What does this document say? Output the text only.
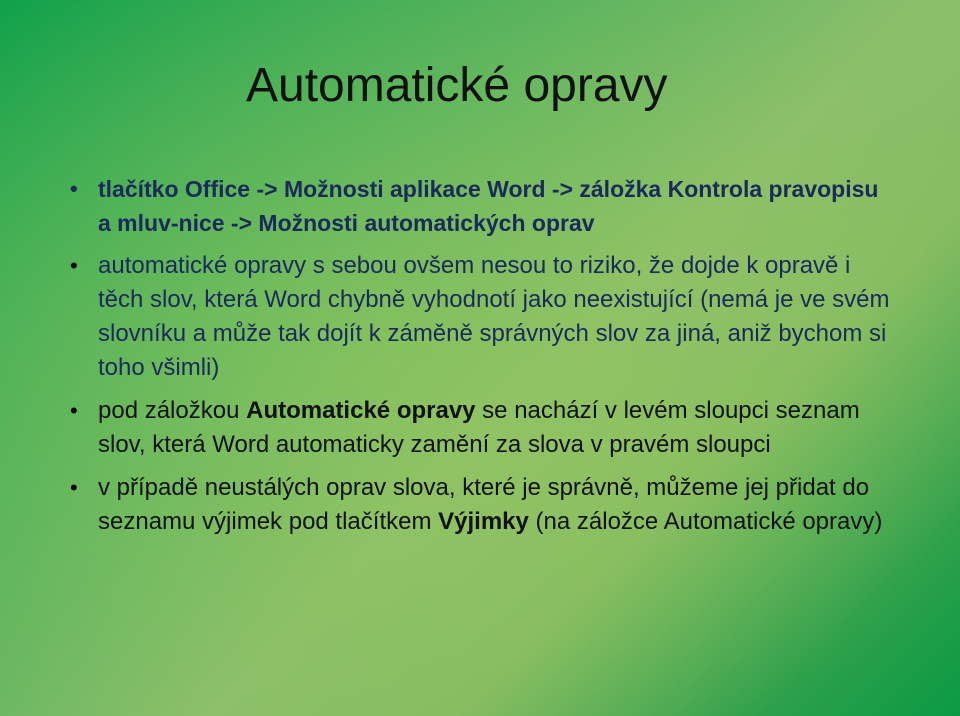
Automatické opravy
• tlačítko Office -> Možnosti aplikace Word -> záložka Kontrola pravopisu a mluv-nice -> Možnosti automatických oprav
• automatické opravy s sebou ovšem nesou to riziko, že dojde k opravě i těch slov, která Word chybně vyhodnotí jako neexistující (nemá je ve svém slovníku a může tak dojít k záměně správných slov za jiná, aniž bychom si toho všimli)
• pod záložkou Automatické opravy se nachází v levém sloupci seznam slov, která Word automaticky zamění za slova v pravém sloupci
• v případě neustálých oprav slova, které je správně, můžeme jej přidat do seznamu výjimek pod tlačítkem Výjimky (na záložce Automatické opravy)
